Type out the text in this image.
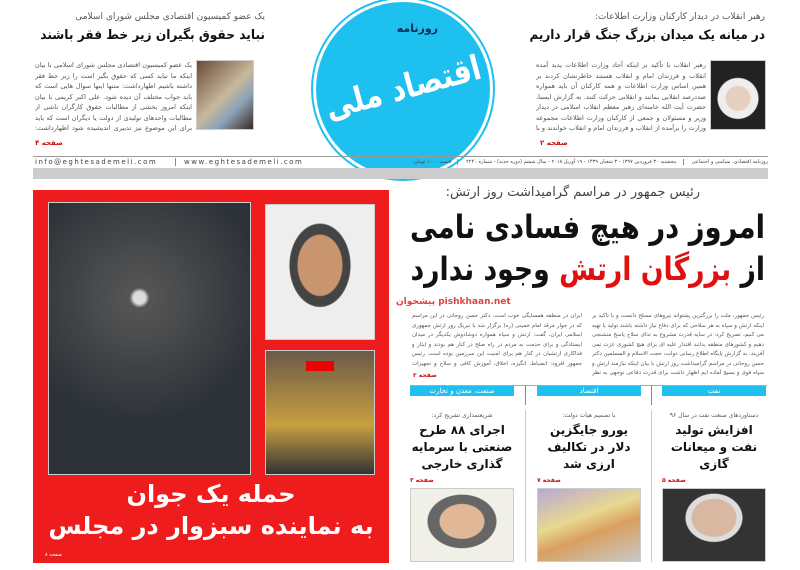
یک عضو کمیسیون اقتصادی مجلس شورای اسلامی
نباید حقوق بگیران زیر خط فقر باشند
یک عضو کمیسیون اقتصادی مجلس شورای اسلامی با بیان اینکه ما نباید کسی که حقوق بگیر است را زیر خط فقر داشته باشیم اظهارداشت: متنها اینها سوال هایی است که باید جواب مختلف آن دیده شود. علی اکبر کریمی با بیان اینکه امروز بخشی از مطالبات حقوق کارگران ناشی از مطالبات واحدهای تولیدی از دولت یا دیگران است که باید برای این موضوع نیز تدبیری اندیشیده شود اظهارداشت:
صفحه ۴
روزنامه
اقتصاد ملی
رهبر انقلاب در دیدار کارکنان وزارت اطلاعات:
در میانه یک میدان بزرگ جنگ قرار داریم
رهبر انقلاب با تأکید بر اینکه آحاد وزارت اطلاعات پدید آمده انقلاب و فرزندان امام و انقلاب هستند خاطرنشان کردند بر همین اساس وزارت اطلاعات و همه کارکنان آن باید همواره صددرصد انقلابی بمانند و انقلابی حرکت کنند. به گزارش ایسنا، حضرت آیت الله خامنه‌ای رهبر معظم انقلاب اسلامی در دیدار وزیر و مسئولان و جمعی از کارکنان وزارت اطلاعات مجموعه وزارت را برآمده از انقلاب و فرزندان امام و انقلاب خواندند و با
صفحه ۲
info@eghtesademeli.com	www.eghtesademeli.com	روزنامه اقتصادی، سیاسی و اجتماعی
پنجشنبه ۳۰ فروردین ۱۳۹۷ - ۳ شعبان ۱۴۳۹ - ۱۹ آوریل ۲۰۱۸ - سال ششم (دوره جدید) - شماره ۲۲۴۰
قیمت ۱۰۰۰ تومان
حمله یک جوان
به نماینده سبزوار در مجلس
صفحه ۸
رئیس جمهور در مراسم گرامیداشت روز ارتش:
امروز در هیچ فسادی نامی
از بزرگان ارتش وجود ندارد
پیشخوان pishkhaan.net
رئیس جمهور، ملت را بزرگترین پشتوانه نیروهای مسلح دانست و با تاکید بر اینکه ارتش و سپاه به هر سلاحی که برای دفاع نیاز داشته باشند تولید یا تهیه می کنیم، تصریح کرد: در سایه قدرت مشروع به تدای سلاح پاسخ متشنجی دهیم و کشورهای منطقه بدانند اقتدار علیه ای برای هیچ کشوری عزت نمی آفریند. به گزارش پایگاه اطلاع رسانی دولت، حجت الاسلام و المسلمین دکتر حسن روحانی در مراسم گرامیداشت روز ارتش با بیان اینکه نیازمند ارتش و سپاه قوی و بسیج آماده ایم اظهار داشت برای قدرت دفاعی توجهی به نظر
ایران در منطقه همسایگی خوب است. دکتر حسن روحانی در این مراسم که در جوار مرقد امام خمینی (ره) برگزار شد با تبریک روز ارتش جمهوری اسلامی ایران، گفت: ارتش و سپاه همواره دوشادوش یکدیگر در میدان ایستادگی و برای خدمت به مردم در راه صلح در کنار هم بودند و ایثار و فداکاری ارتشیان در کنار هم برای امنیت این سرزمین بوده است. رئیس جمهور افزود: انضباط، انگیزه، اخلاق، آموزش کافی و سلاح و تجهیزات
صفحه ۲
نفت
دستاوردهای صنعت نفت در سال ۹۶
افزایش تولید نفت و میعانات گازی
صفحه ۵
اقتصاد
با تصمیم هیات دولت:
یورو جایگزین دلار در تکالیف ارزی شد
صفحه ۷
صنعت، معدن و تجارت
شریعتمداری تشریح کرد:
اجرای ۸۸ طرح صنعتی با سرمایه گذاری خارجی
صفحه ۳
